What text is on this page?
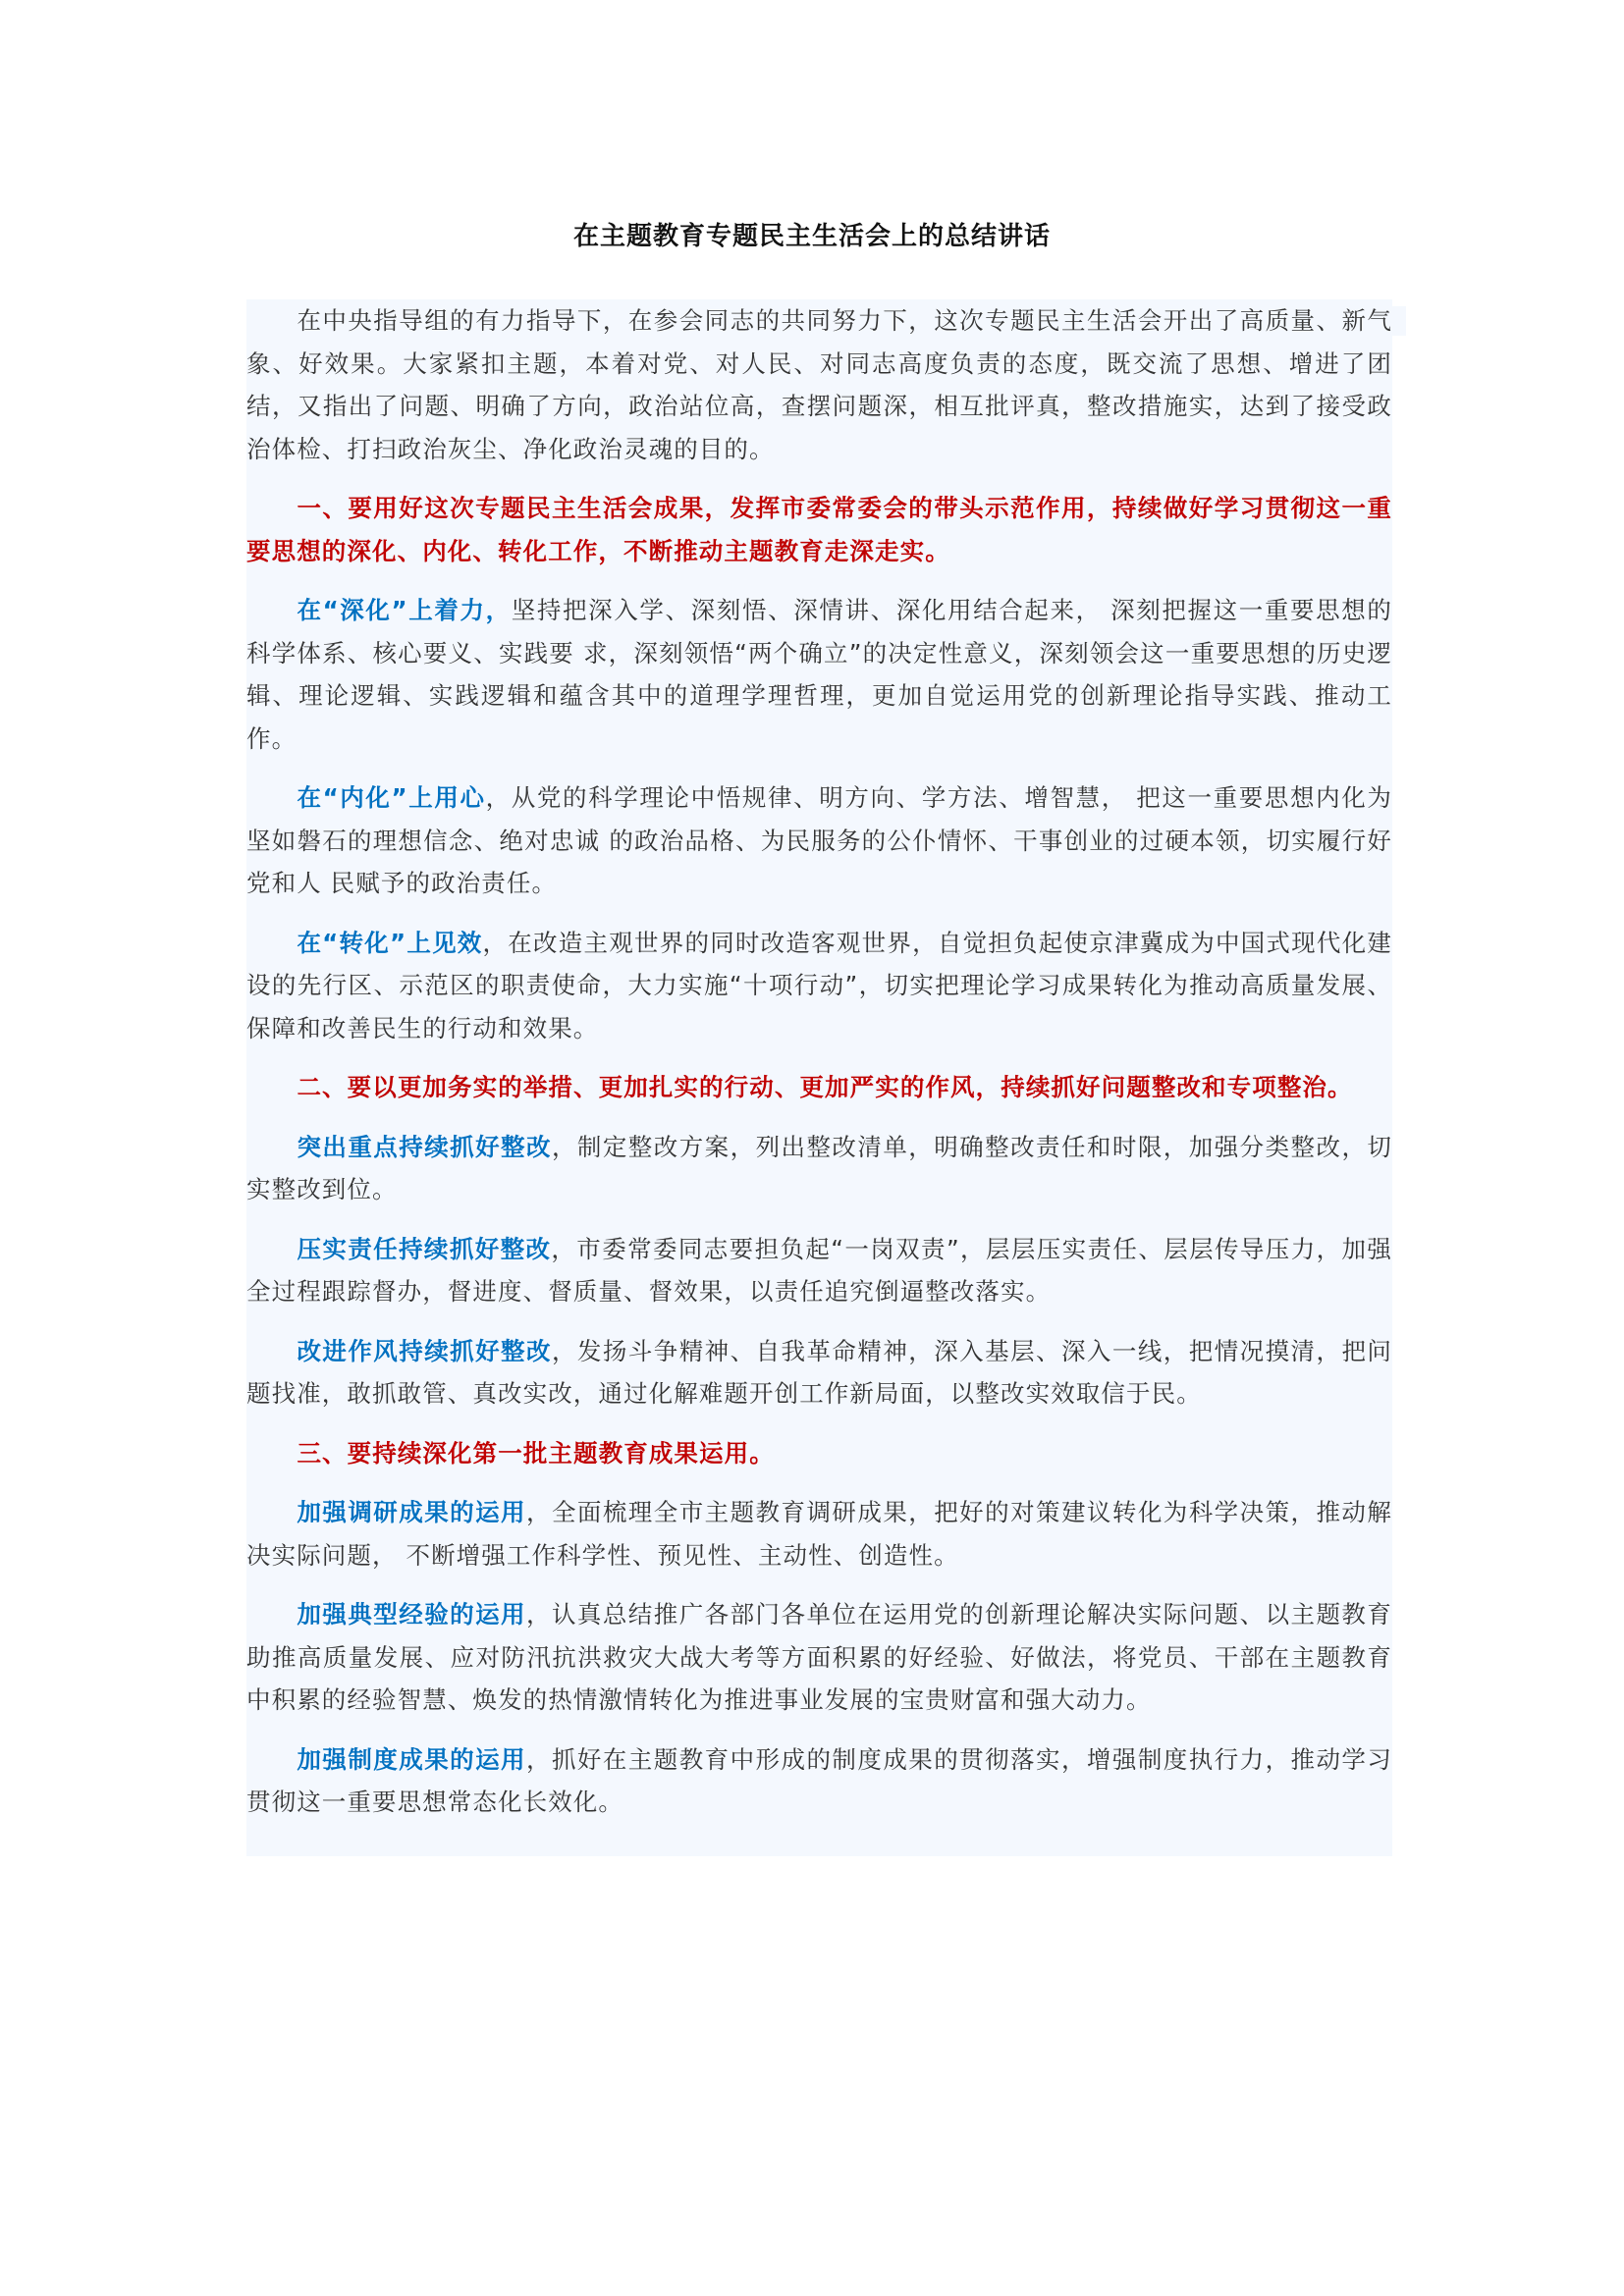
在主题教育专题民主生活会上的总结讲话

在中央指导组的有力指导下，在参会同志的共同努力下，这次专题民主生活会开出了高质量、新气象、好效果。大家紧扣主题，本着对党、对人民、对同志高度负责的态度，既交流了思想、增进了团结，又指出了问题、明确了方向，政治站位高，查摆问题深，相互批评真，整改措施实，达到了接受政治体检、打扫政治灰尘、净化政治灵魂的目的。

一、要用好这次专题民主生活会成果，发挥市委常委会的带头示范作用，持续做好学习贯彻这一重要思想的深化、内化、转化工作，不断推动主题教育走深走实。

在“深化”上着力，坚持把深入学、深刻悟、深情讲、深化用结合起来， 深刻把握这一重要思想的科学体系、核心要义、实践要 求，深刻领悟“两个确立”的决定性意义，深刻领会这一重要思想的历史逻辑、理论逻辑、实践逻辑和蕴含其中的道理学理哲理，更加自觉运用党的创新理论指导实践、推动工作。

在“内化”上用心，从党的科学理论中悟规律、明方向、学方法、增智慧， 把这一重要思想内化为坚如磐石的理想信念、绝对忠诚 的政治品格、为民服务的公仆情怀、干事创业的过硬本领，切实履行好党和人 民赋予的政治责任。

在“转化”上见效，在改造主观世界的同时改造客观世界，自觉担负起使京津冀成为中国式现代化建设的先行区、示范区的职责使命，大力实施“十项行动”，切实把理论学习成果转化为推动高质量发展、保障和改善民生的行动和效果。

二、要以更加务实的举措、更加扎实的行动、更加严实的作风，持续抓好问题整改和专项整治。

突出重点持续抓好整改，制定整改方案，列出整改清单，明确整改责任和时限，加强分类整改，切实整改到位。

压实责任持续抓好整改，市委常委同志要担负起“一岗双责”，层层压实责任、层层传导压力，加强全过程跟踪督办，督进度、督质量、督效果，以责任追究倒逼整改落实。

改进作风持续抓好整改，发扬斗争精神、自我革命精神，深入基层、深入一线，把情况摸清，把问题找准，敢抓敢管、真改实改，通过化解难题开创工作新局面，以整改实效取信于民。

三、要持续深化第一批主题教育成果运用。

加强调研成果的运用，全面梳理全市主题教育调研成果，把好的对策建议转化为科学决策，推动解决实际问题， 不断增强工作科学性、预见性、主动性、创造性。

加强典型经验的运用，认真总结推广各部门各单位在运用党的创新理论解决实际问题、以主题教育助推高质量发展、应对防汛抗洪救灾大战大考等方面积累的好经验、好做法，将党员、干部在主题教育中积累的经验智慧、焕发的热情激情转化为推进事业发展的宝贵财富和强大动力。

加强制度成果的运用，抓好在主题教育中形成的制度成果的贯彻落实，增强制度执行力，推动学习贯彻这一重要思想常态化长效化。
